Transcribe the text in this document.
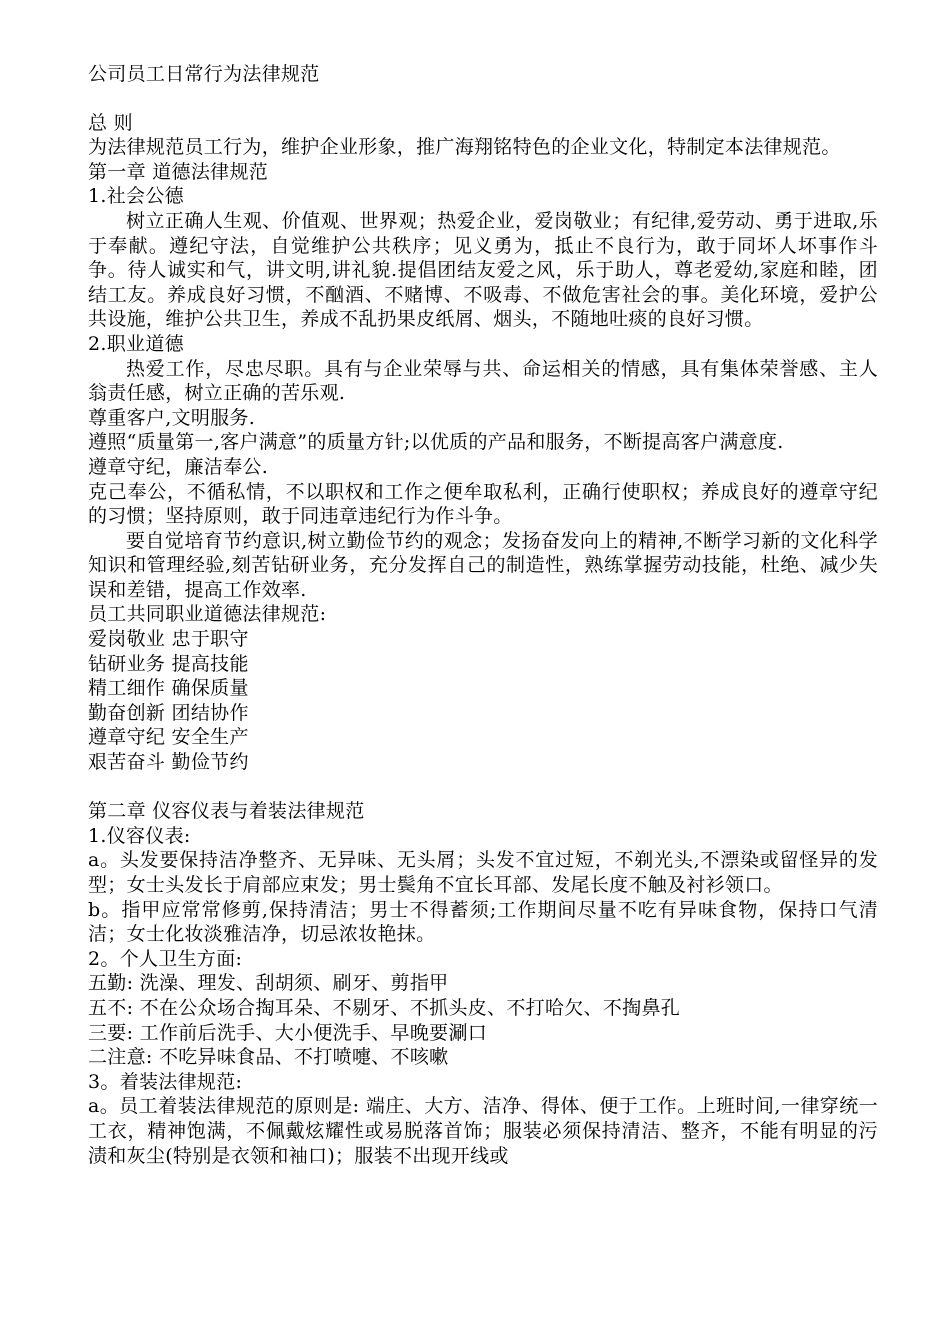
公司员工日常行为法律规范

总 则

为法律规范员工行为，维护企业形象，推广海翔铭特色的企业文化，特制定本法律规范。

第一章 道德法律规范

1.社会公德

树立正确人生观、价值观、世界观；热爱企业，爱岗敬业；有纪律,爱劳动、勇于进取,乐于奉献。遵纪守法，自觉维护公共秩序；见义勇为，抵止不良行为，敢于同坏人坏事作斗争。待人诚实和气，讲文明,讲礼貌.提倡团结友爱之风，乐于助人，尊老爱幼,家庭和睦，团结工友。养成良好习惯，不酗酒、不赌博、不吸毒、不做危害社会的事。美化环境，爱护公共设施，维护公共卫生，养成不乱扔果皮纸屑、烟头，不随地吐痰的良好习惯。

2.职业道德

热爱工作，尽忠尽职。具有与企业荣辱与共、命运相关的情感，具有集体荣誉感、主人翁责任感，树立正确的苦乐观.

尊重客户,文明服务.

遵照“质量第一,客户满意”的质量方针;以优质的产品和服务，不断提高客户满意度.

遵章守纪，廉洁奉公.

克己奉公，不循私情，不以职权和工作之便牟取私利，正确行使职权；养成良好的遵章守纪的习惯；坚持原则，敢于同违章违纪行为作斗争。

要自觉培育节约意识,树立勤俭节约的观念；发扬奋发向上的精神,不断学习新的文化科学知识和管理经验,刻苦钻研业务，充分发挥自己的制造性，熟练掌握劳动技能，杜绝、减少失误和差错，提高工作效率.

员工共同职业道德法律规范:

爱岗敬业 忠于职守

钻研业务 提高技能

精工细作 确保质量

勤奋创新 团结协作

遵章守纪 安全生产

艰苦奋斗 勤俭节约

第二章 仪容仪表与着装法律规范

1.仪容仪表:

a。头发要保持洁净整齐、无异味、无头屑；头发不宜过短，不剃光头,不漂染或留怪异的发型；女士头发长于肩部应束发；男士鬓角不宜长耳部、发尾长度不触及衬衫领口。

b。指甲应常常修剪,保持清洁；男士不得蓄须;工作期间尽量不吃有异味食物，保持口气清洁；女士化妆淡雅洁净，切忌浓妆艳抹。

2。个人卫生方面:

五勤: 洗澡、理发、刮胡须、刷牙、剪指甲

五不: 不在公众场合掏耳朵、不剔牙、不抓头皮、不打哈欠、不掏鼻孔

三要: 工作前后洗手、大小便洗手、早晚要涮口

二注意: 不吃异味食品、不打喷嚏、不咳嗽

3。着装法律规范:

a。员工着装法律规范的原则是: 端庄、大方、洁净、得体、便于工作。上班时间,一律穿统一工衣，精神饱满，不佩戴炫耀性或易脱落首饰；服装必须保持清洁、整齐，不能有明显的污渍和灰尘(特别是衣领和袖口)；服装不出现开线或
